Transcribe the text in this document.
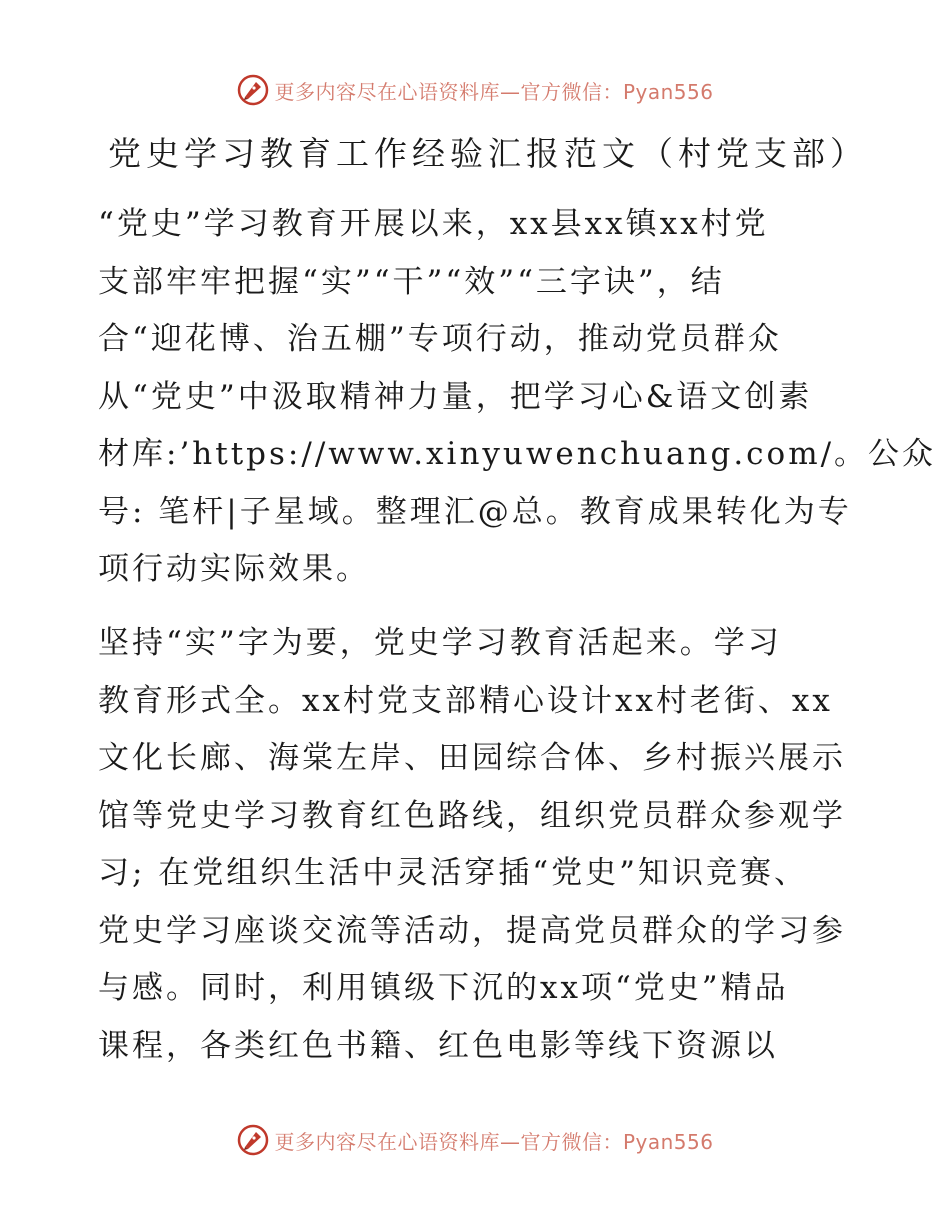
更多内容尽在心语资料库—官方微信：Pyan556
党史学习教育工作经验汇报范文（村党支部）

“党史”学习教育开展以来，xx县xx镇xx村党
支部牢牢把握“实”“干”“效”“三字诀”，结
合“迎花博、治五棚”专项行动，推动党员群众
从“党史”中汲取精神力量，把学习心&语文创素
材库:’https://www.xinyuwenchuang.com/。公众
号: 笔杆|子星域。整理汇@总。教育成果转化为专
项行动实际效果。

坚持“实”字为要，党史学习教育活起来。学习
教育形式全。xx村党支部精心设计xx村老街、xx
文化长廊、海棠左岸、田园综合体、乡村振兴展示
馆等党史学习教育红色路线，组织党员群众参观学
习; 在党组织生活中灵活穿插“党史”知识竞赛、
党史学习座谈交流等活动，提高党员群众的学习参
与感。同时，利用镇级下沉的xx项“党史”精品
课程，各类红色书籍、红色电影等线下资源以

更多内容尽在心语资料库—官方微信：Pyan556
